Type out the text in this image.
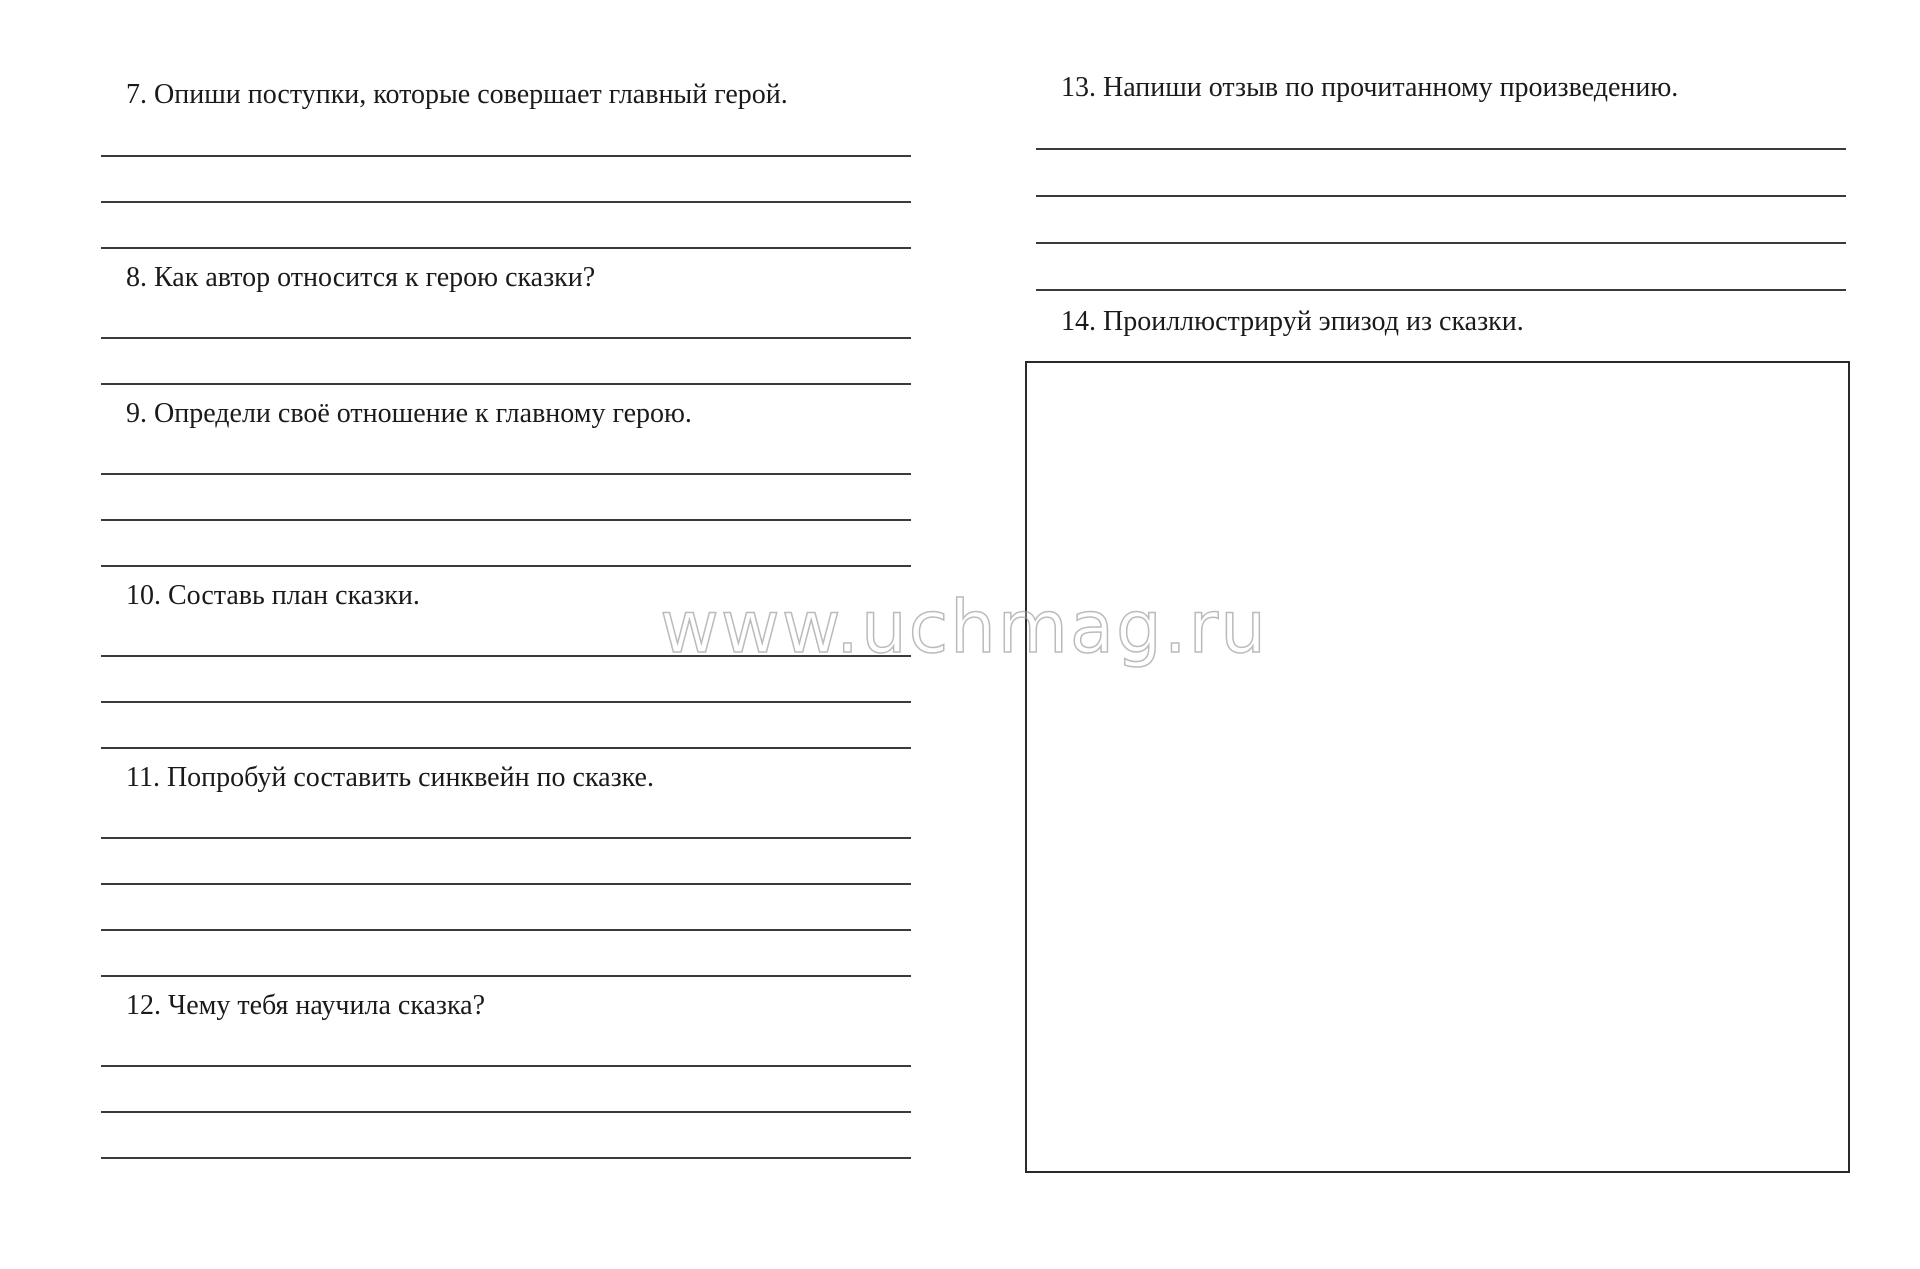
7. Опиши поступки, которые совершает главный герой.
8. Как автор относится к герою сказки?
9. Определи своё отношение к главному герою.
10. Составь план сказки.
11. Попробуй составить синквейн по сказке.
12. Чему тебя научила сказка?
13. Напиши отзыв по прочитанному произведению.
14. Проиллюстрируй эпизод из сказки.
www.uchmag.ru
